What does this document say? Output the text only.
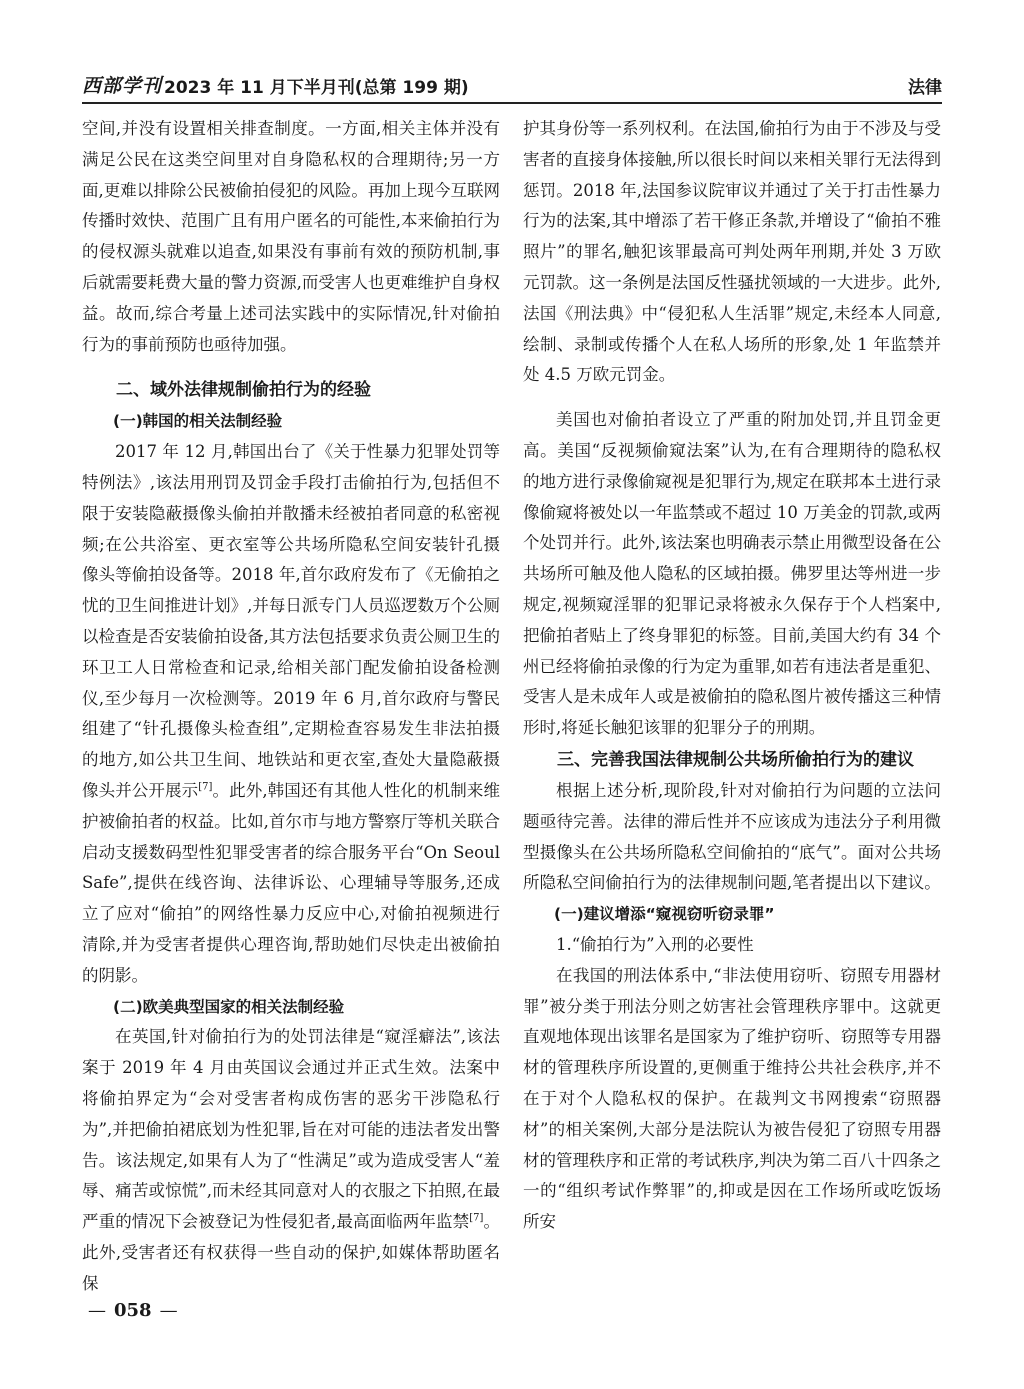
西部学刊 2023 年 11 月下半月刊(总第 199 期)	法律

空间,并没有设置相关排查制度。一方面,相关主体并没有满足公民在这类空间里对自身隐私权的合理期待;另一方面,更难以排除公民被偷拍侵犯的风险。再加上现今互联网传播时效快、范围广且有用户匿名的可能性,本来偷拍行为的侵权源头就难以追查,如果没有事前有效的预防机制,事后就需要耗费大量的警力资源,而受害人也更难维护自身权益。故而,综合考量上述司法实践中的实际情况,针对偷拍行为的事前预防也亟待加强。

二、域外法律规制偷拍行为的经验

(一)韩国的相关法制经验

2017 年 12 月,韩国出台了《关于性暴力犯罪处罚等特例法》,该法用刑罚及罚金手段打击偷拍行为,包括但不限于安装隐蔽摄像头偷拍并散播未经被拍者同意的私密视频;在公共浴室、更衣室等公共场所隐私空间安装针孔摄像头等偷拍设备等。2018 年,首尔政府发布了《无偷拍之忧的卫生间推进计划》,并每日派专门人员巡逻数万个公厕以检查是否安装偷拍设备,其方法包括要求负责公厕卫生的环卫工人日常检查和记录,给相关部门配发偷拍设备检测仪,至少每月一次检测等。2019 年 6 月,首尔政府与警民组建了“针孔摄像头检查组”,定期检查容易发生非法拍摄的地方,如公共卫生间、地铁站和更衣室,查处大量隐蔽摄像头并公开展示[7]。此外,韩国还有其他人性化的机制来维护被偷拍者的权益。比如,首尔市与地方警察厅等机关联合启动支援数码型性犯罪受害者的综合服务平台“On Seoul Safe”,提供在线咨询、法律诉讼、心理辅导等服务,还成立了应对“偷拍”的网络性暴力反应中心,对偷拍视频进行清除,并为受害者提供心理咨询,帮助她们尽快走出被偷拍的阴影。

(二)欧美典型国家的相关法制经验

在英国,针对偷拍行为的处罚法律是“窥淫癖法”,该法案于 2019 年 4 月由英国议会通过并正式生效。法案中将偷拍界定为“会对受害者构成伤害的恶劣干涉隐私行为”,并把偷拍裙底划为性犯罪,旨在对可能的违法者发出警告。该法规定,如果有人为了“性满足”或为造成受害人“羞辱、痛苦或惊慌”,而未经其同意对人的衣服之下拍照,在最严重的情况下会被登记为性侵犯者,最高面临两年监禁[7]。此外,受害者还有权获得一些自动的保护,如媒体帮助匿名保

护其身份等一系列权利。在法国,偷拍行为由于不涉及与受害者的直接身体接触,所以很长时间以来相关罪行无法得到惩罚。2018 年,法国参议院审议并通过了关于打击性暴力行为的法案,其中增添了若干修正条款,并增设了“偷拍不雅照片”的罪名,触犯该罪最高可判处两年刑期,并处 3 万欧元罚款。这一条例是法国反性骚扰领域的一大进步。此外,法国《刑法典》中“侵犯私人生活罪”规定,未经本人同意,绘制、录制或传播个人在私人场所的形象,处 1 年监禁并处 4.5 万欧元罚金。

美国也对偷拍者设立了严重的附加处罚,并且罚金更高。美国“反视频偷窥法案”认为,在有合理期待的隐私权的地方进行录像偷窥视是犯罪行为,规定在联邦本土进行录像偷窥将被处以一年监禁或不超过 10 万美金的罚款,或两个处罚并行。此外,该法案也明确表示禁止用微型设备在公共场所可触及他人隐私的区域拍摄。佛罗里达等州进一步规定,视频窥淫罪的犯罪记录将被永久保存于个人档案中,把偷拍者贴上了终身罪犯的标签。目前,美国大约有 34 个州已经将偷拍录像的行为定为重罪,如若有违法者是重犯、受害人是未成年人或是被偷拍的隐私图片被传播这三种情形时,将延长触犯该罪的犯罪分子的刑期。

三、完善我国法律规制公共场所偷拍行为的建议

根据上述分析,现阶段,针对对偷拍行为问题的立法问题亟待完善。法律的滞后性并不应该成为违法分子利用微型摄像头在公共场所隐私空间偷拍的“底气”。面对公共场所隐私空间偷拍行为的法律规制问题,笔者提出以下建议。

(一)建议增添“窥视窃听窃录罪”

1.“偷拍行为”入刑的必要性

在我国的刑法体系中,“非法使用窃听、窃照专用器材罪”被分类于刑法分则之妨害社会管理秩序罪中。这就更直观地体现出该罪名是国家为了维护窃听、窃照等专用器材的管理秩序所设置的,更侧重于维持公共社会秩序,并不在于对个人隐私权的保护。在裁判文书网搜索“窃照器材”的相关案例,大部分是法院认为被告侵犯了窃照专用器材的管理秩序和正常的考试秩序,判决为第二百八十四条之一的“组织考试作弊罪”的,抑或是因在工作场所或吃饭场所安

— 058 —
